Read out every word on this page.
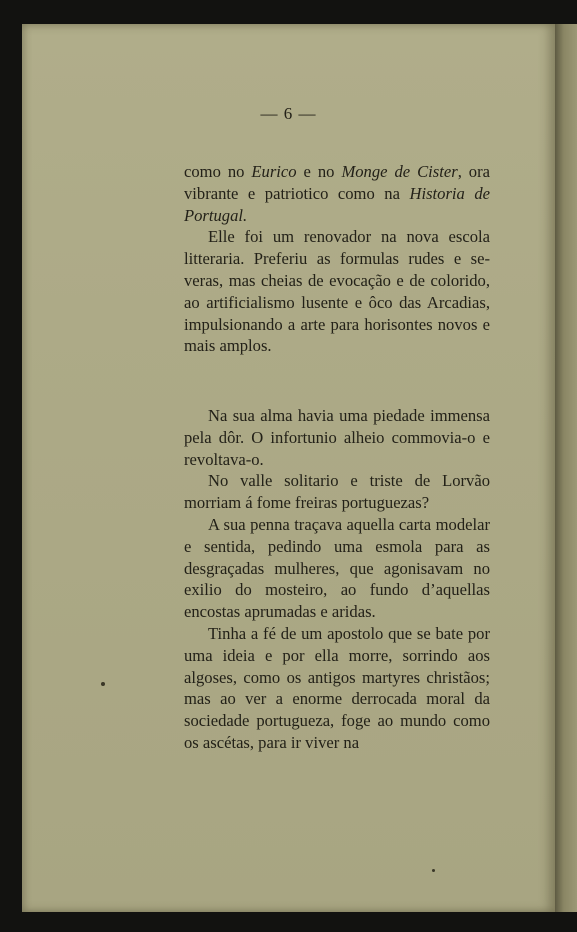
— 6 —

como no Eurico e no Monge de Cister, ora vibrante e patriotico como na Historia de Portugal.

Elle foi um renovador na nova escola litteraria. Preferiu as formulas rudes e severas, mas cheias de evocação e de colorido, ao artificialismo lusente e ôco das Arcadias, impulsionando a arte para horisontes novos e mais amplos.

Na sua alma havia uma piedade immensa pela dôr. O infortunio alheio commovia-o e revoltava-o.

No valle solitario e triste de Lorvão morriam á fome freiras portuguezas?

A sua penna traçava aquella carta modelar e sentida, pedindo uma esmola para as desgraçadas mulheres, que agonisavam no exilio do mosteiro, ao fundo d’aquellas encostas aprumadas e aridas.

Tinha a fé de um apostolo que se bate por uma ideia e por ella morre, sorrindo aos algoses, como os antigos martyres christãos; mas ao ver a enorme derrocada moral da sociedade portugueza, foge ao mundo como os ascétas, para ir viver na
